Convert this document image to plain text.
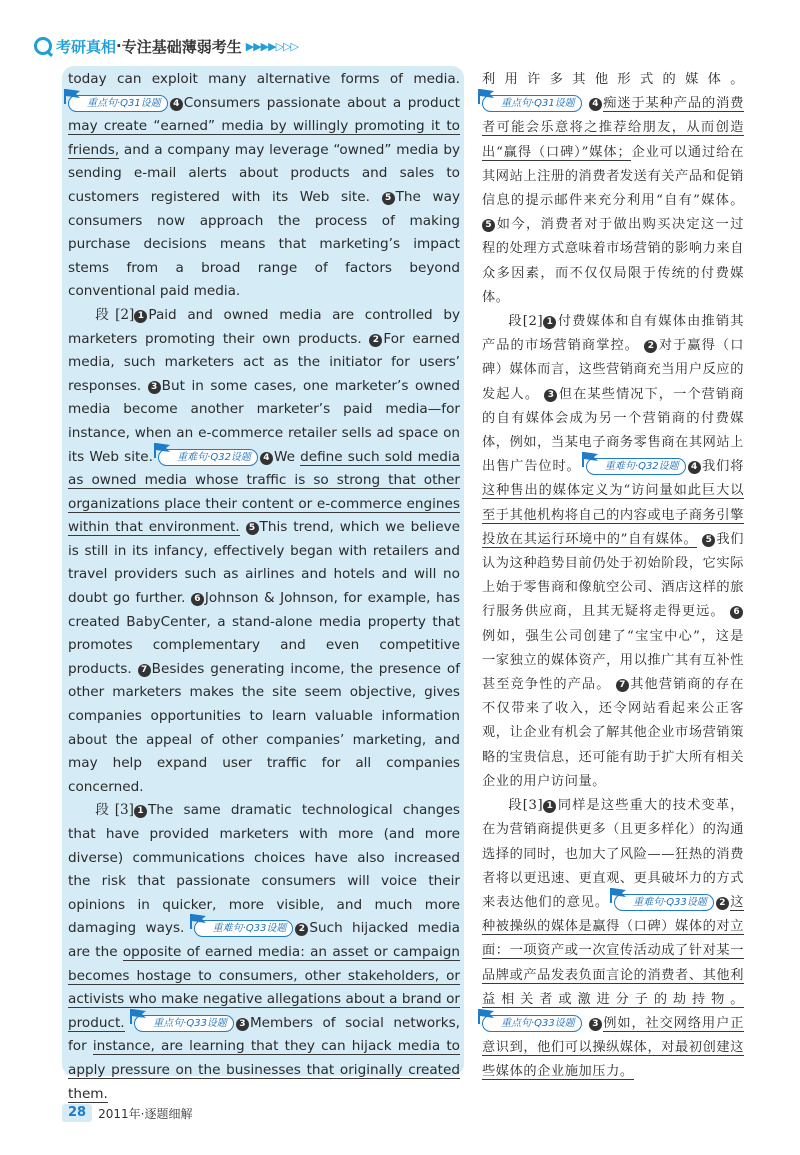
考研真相 · 专注基础薄弱考生 ▶▶▶▶▷▷▷

today can exploit many alternative forms of media.
重点句·Q31设题 4 Consumers passionate about a product may create “earned” media by willingly promoting it to friends, and a company may leverage “owned” media by sending e-mail alerts about products and sales to customers registered with its Web site. 5 The way consumers now approach the process of making purchase decisions means that marketing’s impact stems from a broad range of factors beyond conventional paid media.

段[2] 1 Paid and owned media are controlled by marketers promoting their own products. 2 For earned media, such marketers act as the initiator for users’ responses. 3 But in some cases, one marketer’s owned media become another marketer’s paid media—for instance, when an e-commerce retailer sells ad space on its Web site. 重难句·Q32设题 4 We define such sold media as owned media whose traffic is so strong that other organizations place their content or e-commerce engines within that environment. 5 This trend, which we believe is still in its infancy, effectively began with retailers and travel providers such as airlines and hotels and will no doubt go further. 6 Johnson & Johnson, for example, has created BabyCenter, a stand-alone media property that promotes complementary and even competitive products. 7 Besides generating income, the presence of other marketers makes the site seem objective, gives companies opportunities to learn valuable information about the appeal of other companies’ marketing, and may help expand user traffic for all companies concerned.

段[3] 1 The same dramatic technological changes that have provided marketers with more (and more diverse) communications choices have also increased the risk that passionate consumers will voice their opinions in quicker, more visible, and much more damaging ways.	重难句·Q33设题 2 Such hijacked media are the opposite of earned media: an asset or campaign becomes hostage to consumers, other stakeholders, or activists who make negative allegations about a brand or product.	重点句·Q33设题 3 Members of social networks, for instance, are learning that they can hijack media to apply pressure on the businesses that originally created them.

利用许多其他形式的媒体。
重点句·Q31设题 4 痴迷于某种产品的消费者可能会乐意将之推荐给朋友，从而创造出“赢得（口碑）”媒体；企业可以通过给在其网站上注册的消费者发送有关产品和促销信息的提示邮件来充分利用“自有”媒体。 5 如今，消费者对于做出购买决定这一过程的处理方式意味着市场营销的影响力来自众多因素，而不仅仅局限于传统的付费媒体。

段[2] 1 付费媒体和自有媒体由推销其产品的市场营销商掌控。 2 对于赢得（口碑）媒体而言，这些营销商充当用户反应的发起人。 3 但在某些情况下，一个营销商的自有媒体会成为另一个营销商的付费媒体，例如，当某电子商务零售商在其网站上出售广告位时。 重难句·Q32设题 4 我们将这种售出的媒体定义为“访问量如此巨大以至于其他机构将自己的内容或电子商务引擎投放在其运行环境中的”自有媒体。 5 我们认为这种趋势目前仍处于初始阶段，它实际上始于零售商和像航空公司、酒店这样的旅行服务供应商，且其无疑将走得更远。 6例如，强生公司创建了“宝宝中心”，这是一家独立的媒体资产，用以推广其有互补性甚至竞争性的产品。 7 其他营销商的存在不仅带来了收入，还令网站看起来公正客观，让企业有机会了解其他企业市场营销策略的宝贵信息，还可能有助于扩大所有相关企业的用户访问量。

段[3] 1 同样是这些重大的技术变革，在为营销商提供更多（且更多样化）的沟通选择的同时，也加大了风险——狂热的消费者将以更迅速、更直观、更具破坏力的方式来表达他们的意见。 重难句·Q33设题 2 这种被操纵的媒体是赢得（口碑）媒体的对立面：一项资产或一次宣传活动成了针对某一品牌或产品发表负面言论的消费者、其他利益相关者或激进分子的劫持物。
重点句·Q33设题 3 例如，社交网络用户正意识到，他们可以操纵媒体，对最初创建这些媒体的企业施加压力。

28	2011年·逐题细解
